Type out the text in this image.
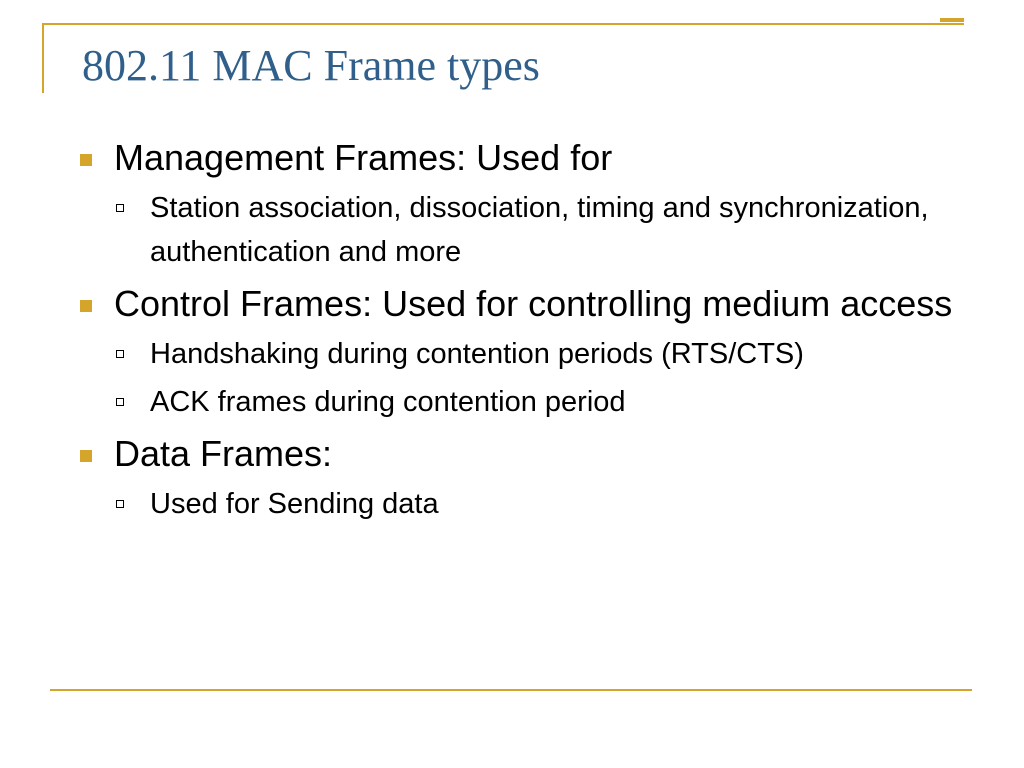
802.11 MAC Frame types
Management Frames: Used for
Station association, dissociation, timing and synchronization, authentication and more
Control Frames: Used for controlling medium access
Handshaking during contention periods (RTS/CTS)
ACK frames during contention period
Data Frames:
Used for Sending data
